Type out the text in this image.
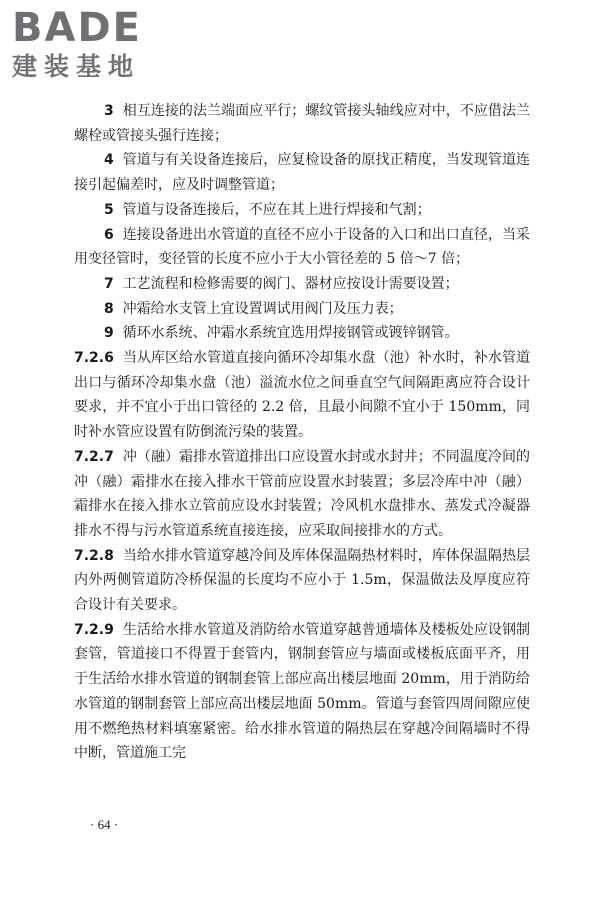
BADE
建装基地

3 相互连接的法兰端面应平行；螺纹管接头轴线应对中，不应借法兰螺栓或管接头强行连接；

4 管道与有关设备连接后，应复检设备的原找正精度，当发现管道连接引起偏差时，应及时调整管道；

5 管道与设备连接后，不应在其上进行焊接和气割；

6 连接设备进出水管道的直径不应小于设备的入口和出口直径，当采用变径管时，变径管的长度不应小于大小管径差的 5 倍～7 倍；

7 工艺流程和检修需要的阀门、器材应按设计需要设置；

8 冲霜给水支管上宜设置调试用阀门及压力表；

9 循环水系统、冲霜水系统宜选用焊接钢管或镀锌钢管。

7.2.6 当从库区给水管道直接向循环冷却集水盘（池）补水时，补水管道出口与循环冷却集水盘（池）溢流水位之间垂直空气间隔距离应符合设计要求，并不宜小于出口管径的 2.2 倍，且最小间隙不宜小于 150mm，同时补水管应设置有防倒流污染的装置。

7.2.7 冲（融）霜排水管道排出口应设置水封或水封井；不同温度冷间的冲（融）霜排水在接入排水干管前应设置水封装置；多层冷库中冲（融）霜排水在接入排水立管前应设水封装置；冷风机水盘排水、蒸发式冷凝器排水不得与污水管道系统直接连接，应采取间接排水的方式。

7.2.8 当给水排水管道穿越冷间及库体保温隔热材料时，库体保温隔热层内外两侧管道防冷桥保温的长度均不应小于 1.5m，保温做法及厚度应符合设计有关要求。

7.2.9 生活给水排水管道及消防给水管道穿越普通墙体及楼板处应设钢制套管，管道接口不得置于套管内，钢制套管应与墙面或楼板底面平齐，用于生活给水排水管道的钢制套管上部应高出楼层地面 20mm，用于消防给水管道的钢制套管上部应高出楼层地面 50mm。管道与套管四周间隙应使用不燃绝热材料填塞紧密。给水排水管道的隔热层在穿越冷间隔墙时不得中断，管道施工完

· 64 ·
